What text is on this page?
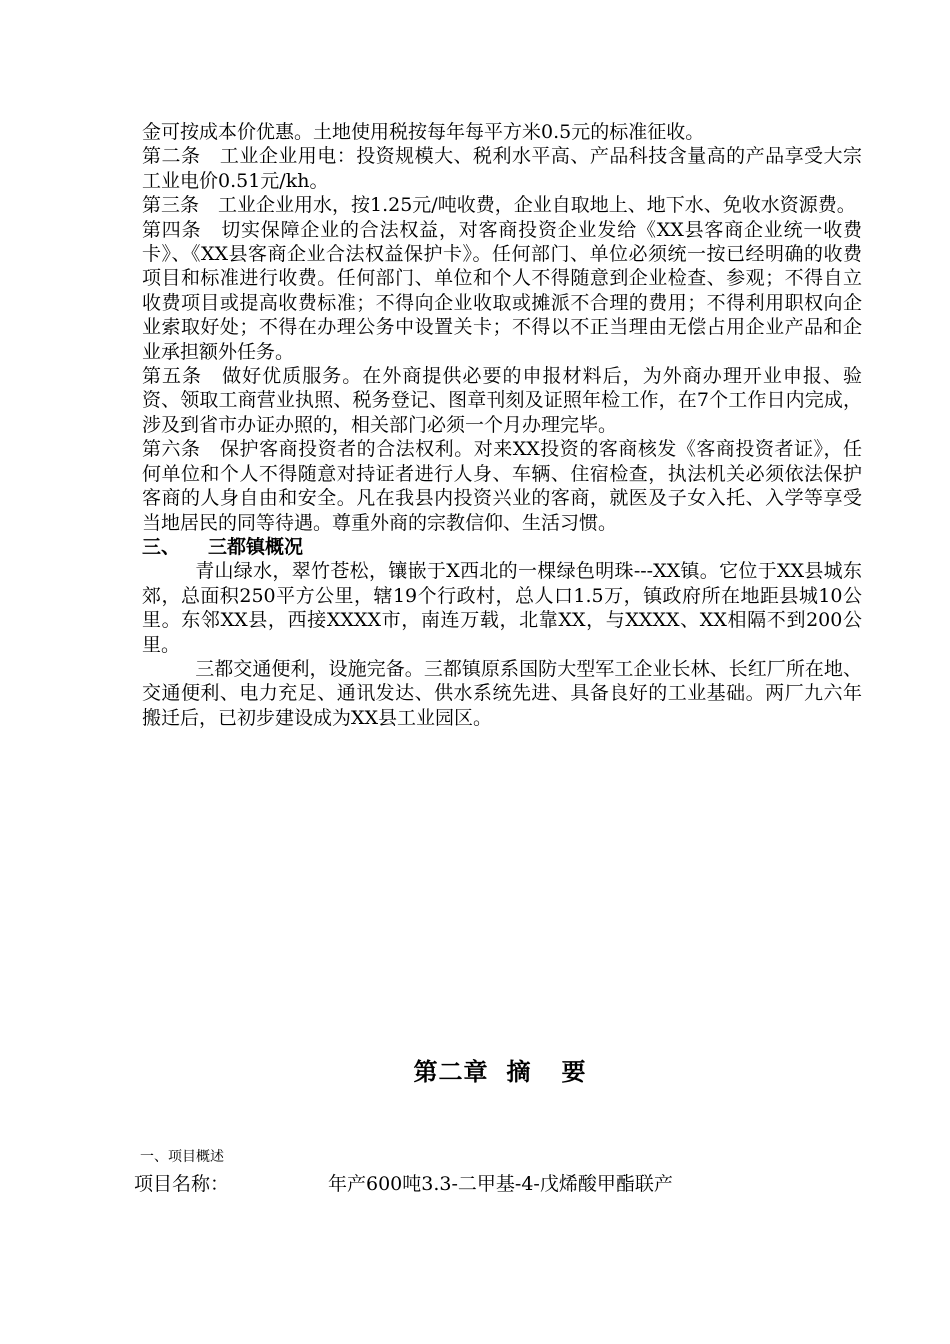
金可按成本价优惠。土地使用税按每年每平方米0.5元的标准征收。

第二条　工业企业用电：投资规模大、税利水平高、产品科技含量高的产品享受大宗工业电价0.51元/kh。

第三条　工业企业用水，按1.25元/吨收费，企业自取地上、地下水、免收水资源费。

第四条　切实保障企业的合法权益，对客商投资企业发给《XX县客商企业统一收费卡》、《XX县客商企业合法权益保护卡》。任何部门、单位必须统一按已经明确的收费项目和标准进行收费。任何部门、单位和个人不得随意到企业检查、参观；不得自立收费项目或提高收费标准；不得向企业收取或摊派不合理的费用；不得利用职权向企业索取好处；不得在办理公务中设置关卡；不得以不正当理由无偿占用企业产品和企业承担额外任务。

第五条　做好优质服务。在外商提供必要的申报材料后，为外商办理开业申报、验资、领取工商营业执照、税务登记、图章刊刻及证照年检工作，在7个工作日内完成，涉及到省市办证办照的，相关部门必须一个月办理完毕。

第六条　保护客商投资者的合法权利。对来XX投资的客商核发《客商投资者证》，任何单位和个人不得随意对持证者进行人身、车辆、住宿检查，执法机关必须依法保护客商的人身自由和安全。凡在我县内投资兴业的客商，就医及子女入托、入学等享受当地居民的同等待遇。尊重外商的宗教信仰、生活习惯。

三、 三都镇概况

青山绿水，翠竹苍松，镶嵌于X西北的一棵绿色明珠---XX镇。它位于XX县城东郊，总面积250平方公里，辖19个行政村，总人口1.5万，镇政府所在地距县城10公里。东邻XX县，西接XXXX市，南连万载，北靠XX，与XXXX、XX相隔不到200公里。

三都交通便利，设施完备。三都镇原系国防大型军工企业长林、长红厂所在地、交通便利、电力充足、通讯发达、供水系统先进、具备良好的工业基础。两厂九六年搬迁后，已初步建设成为XX县工业园区。

第二章 摘 要
一、项目概述
项目名称：	年产600吨3.3-二甲基-4-戊烯酸甲酯联产
